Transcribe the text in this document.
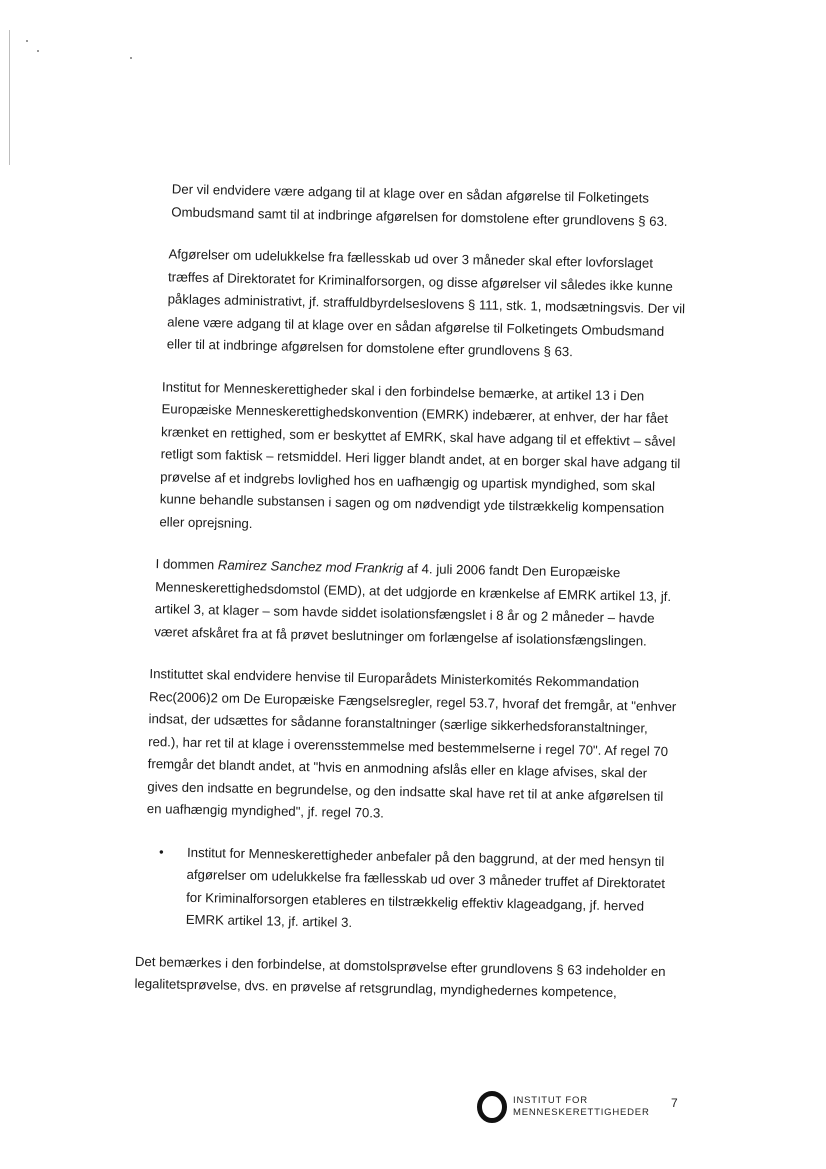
Der vil endvidere være adgang til at klage over en sådan afgørelse til Folketingets Ombudsmand samt til at indbringe afgørelsen for domstolene efter grundlovens § 63.

Afgørelser om udelukkelse fra fællesskab ud over 3 måneder skal efter lovforslaget træffes af Direktoratet for Kriminalforsorgen, og disse afgørelser vil således ikke kunne påklages administrativt, jf. straffuldbyrdelseslovens § 111, stk. 1, modsætningsvis. Der vil alene være adgang til at klage over en sådan afgørelse til Folketingets Ombudsmand eller til at indbringe afgørelsen for domstolene efter grundlovens § 63.

Institut for Menneskerettigheder skal i den forbindelse bemærke, at artikel 13 i Den Europæiske Menneskerettighedskonvention (EMRK) indebærer, at enhver, der har fået krænket en rettighed, som er beskyttet af EMRK, skal have adgang til et effektivt – såvel retligt som faktisk – retsmiddel. Heri ligger blandt andet, at en borger skal have adgang til prøvelse af et indgrebs lovlighed hos en uafhængig og upartisk myndighed, som skal kunne behandle substansen i sagen og om nødvendigt yde tilstrækkelig kompensation eller oprejsning.

I dommen Ramirez Sanchez mod Frankrig af 4. juli 2006 fandt Den Europæiske Menneskerettighedsdomstol (EMD), at det udgjorde en krænkelse af EMRK artikel 13, jf. artikel 3, at klager – som havde siddet isolationsfængslet i 8 år og 2 måneder – havde været afskåret fra at få prøvet beslutninger om forlængelse af isolationsfængslingen.

Instituttet skal endvidere henvise til Europarådets Ministerkomités Rekommandation Rec(2006)2 om De Europæiske Fængselsregler, regel 53.7, hvoraf det fremgår, at "enhver indsat, der udsættes for sådanne foranstaltninger (særlige sikkerhedsforanstaltninger, red.), har ret til at klage i overensstemmelse med bestemmelserne i regel 70". Af regel 70 fremgår det blandt andet, at "hvis en anmodning afslås eller en klage afvises, skal der gives den indsatte en begrundelse, og den indsatte skal have ret til at anke afgørelsen til en uafhængig myndighed", jf. regel 70.3.

•	Institut for Menneskerettigheder anbefaler på den baggrund, at der med hensyn til afgørelser om udelukkelse fra fællesskab ud over 3 måneder truffet af Direktoratet for Kriminalforsorgen etableres en tilstrækkelig effektiv klageadgang, jf. herved EMRK artikel 13, jf. artikel 3.

Det bemærkes i den forbindelse, at domstolsprøvelse efter grundlovens § 63 indeholder en legalitetsprøvelse, dvs. en prøvelse af retsgrundlag, myndighedernes kompetence,

INSTITUT FOR
MENNESKERETTIGHEDER
7
